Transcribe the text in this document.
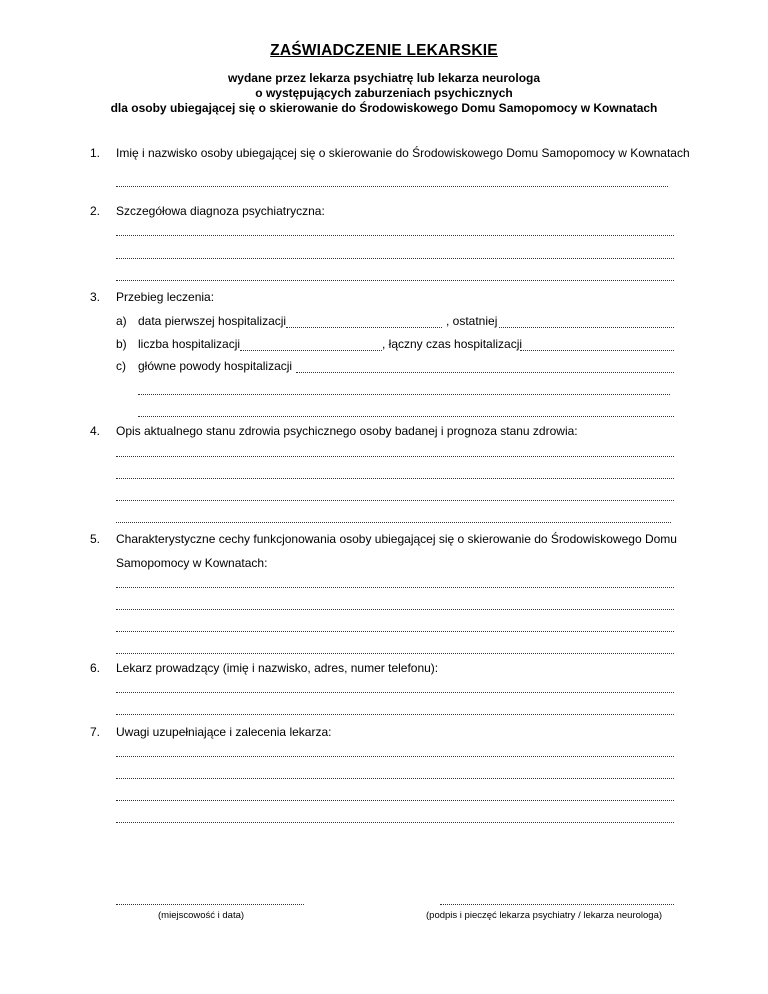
ZAŚWIADCZENIE LEKARSKIE
wydane przez lekarza psychiatrę lub lekarza neurologa
o występujących zaburzeniach psychicznych
dla osoby ubiegającej się o skierowanie do Środowiskowego Domu Samopomocy w Kownatach
1. Imię i nazwisko osoby ubiegającej się o skierowanie do Środowiskowego Domu Samopomocy w Kownatach
2. Szczegółowa diagnoza psychiatryczna:
3. Przebieg leczenia:
a) data pierwszej hospitalizacji	, ostatniej
b) liczba hospitalizacji	, łączny czas hospitalizacji
c) główne powody hospitalizacji
4. Opis aktualnego stanu zdrowia psychicznego osoby badanej i prognoza stanu zdrowia:
5. Charakterystyczne cechy funkcjonowania osoby ubiegającej się o skierowanie do Środowiskowego Domu
Samopomocy w Kownatach:
6. Lekarz prowadzący (imię i nazwisko, adres, numer telefonu):
7. Uwagi uzupełniające i zalecenia lekarza:
(miejscowość i data)	(podpis i pieczęć lekarza psychiatry / lekarza neurologa)
